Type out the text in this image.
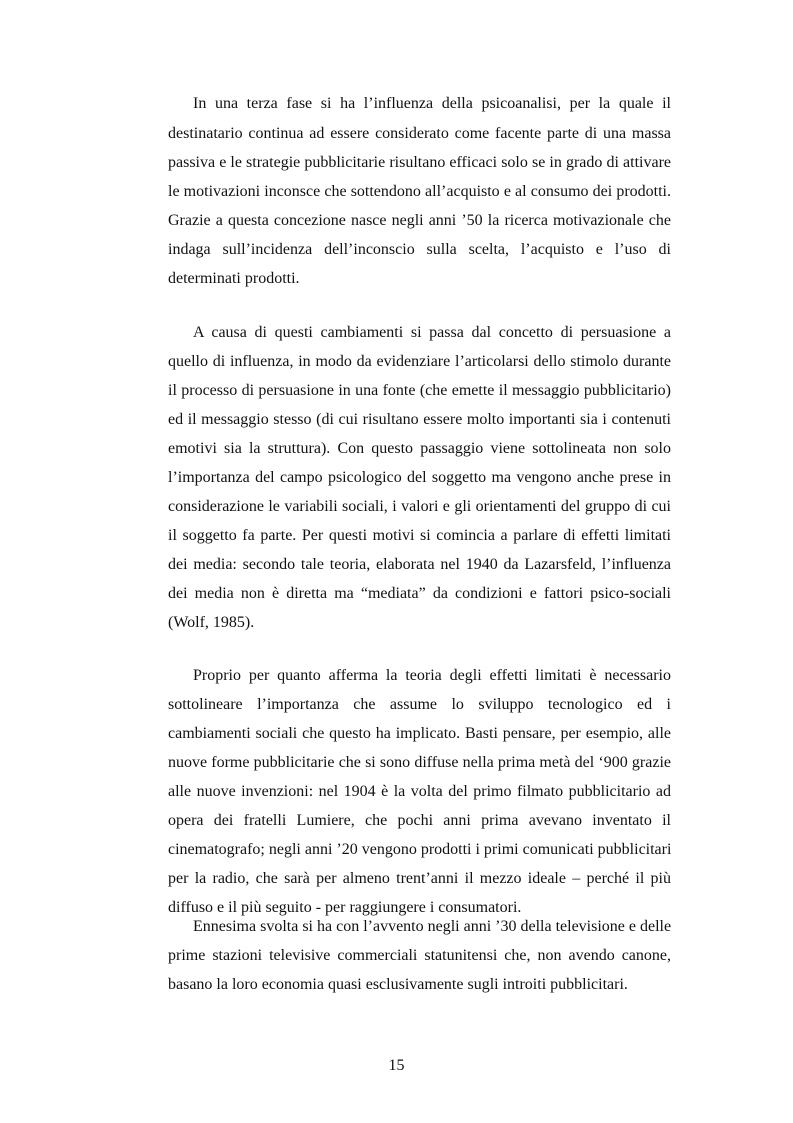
In una terza fase si ha l’influenza della psicoanalisi, per la quale il
destinatario continua ad essere considerato come facente parte di una massa
passiva e le strategie pubblicitarie risultano efficaci solo se in grado di attivare
le motivazioni inconsce che sottendono all’acquisto e al consumo dei prodotti.
Grazie a questa concezione nasce negli anni ’50 la ricerca motivazionale che
indaga sull’incidenza dell’inconscio sulla scelta, l’acquisto e l’uso di
determinati prodotti.
A causa di questi cambiamenti si passa dal concetto di persuasione a
quello di influenza, in modo da evidenziare l’articolarsi dello stimolo durante
il processo di persuasione in una fonte (che emette il messaggio pubblicitario)
ed il messaggio stesso (di cui risultano essere molto importanti sia i contenuti
emotivi sia la struttura). Con questo passaggio viene sottolineata non solo
l’importanza del campo psicologico del soggetto ma vengono anche prese in
considerazione le variabili sociali, i valori e gli orientamenti del gruppo di cui
il soggetto fa parte. Per questi motivi si comincia a parlare di effetti limitati
dei media: secondo tale teoria, elaborata nel 1940 da Lazarsfeld, l’influenza
dei media non è diretta ma “mediata” da condizioni e fattori psico-sociali
(Wolf, 1985).
Proprio per quanto afferma la teoria degli effetti limitati è necessario
sottolineare l’importanza che assume lo sviluppo tecnologico ed i
cambiamenti sociali che questo ha implicato. Basti pensare, per esempio, alle
nuove forme pubblicitarie che si sono diffuse nella prima metà del ‘900 grazie
alle nuove invenzioni: nel 1904 è la volta del primo filmato pubblicitario ad
opera dei fratelli Lumiere, che pochi anni prima avevano inventato il
cinematografo; negli anni ’20 vengono prodotti i primi comunicati pubblicitari
per la radio, che sarà per almeno trent’anni il mezzo ideale – perché il più
diffuso e il più seguito - per raggiungere i consumatori.
Ennesima svolta si ha con l’avvento negli anni ’30 della televisione e delle
prime stazioni televisive commerciali statunitensi che, non avendo canone,
basano la loro economia quasi esclusivamente sugli introiti pubblicitari.
15
